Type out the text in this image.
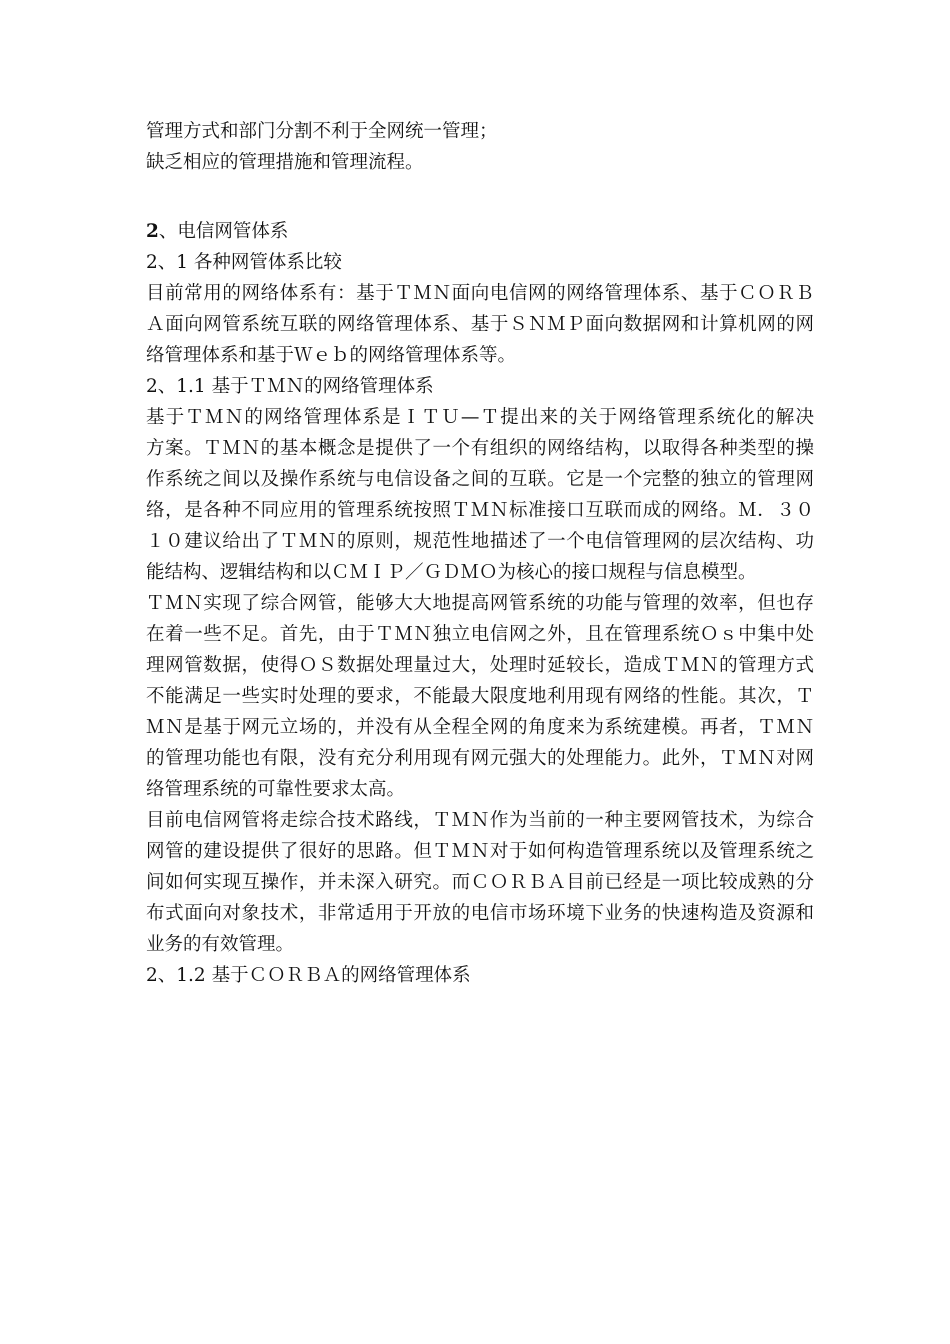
管理方式和部门分割不利于全网统一管理；
缺乏相应的管理措施和管理流程。
2、电信网管体系
2、1 各种网管体系比较
目前常用的网络体系有：基于ＴＭＮ面向电信网的网络管理体系、基于ＣＯＲＢ
Ａ面向网管系统互联的网络管理体系、基于ＳＮＭＰ面向数据网和计算机网的网
络管理体系和基于Ｗｅｂ的网络管理体系等。
2、1.1 基于ＴＭＮ的网络管理体系
基于ＴＭＮ的网络管理体系是ＩＴＵ—Ｔ提出来的关于网络管理系统化的解决
方案。ＴＭＮ的基本概念是提供了一个有组织的网络结构，以取得各种类型的操
作系统之间以及操作系统与电信设备之间的互联。它是一个完整的独立的管理网
络，是各种不同应用的管理系统按照ＴＭＮ标准接口互联而成的网络。Ｍ．３０
１０建议给出了ＴＭＮ的原则，规范性地描述了一个电信管理网的层次结构、功
能结构、逻辑结构和以ＣＭＩＰ／ＧＤＭＯ为核心的接口规程与信息模型。
ＴＭＮ实现了综合网管，能够大大地提高网管系统的功能与管理的效率，但也存
在着一些不足。首先，由于ＴＭＮ独立电信网之外，且在管理系统Ｏｓ中集中处
理网管数据，使得ＯＳ数据处理量过大，处理时延较长，造成ＴＭＮ的管理方式
不能满足一些实时处理的要求，不能最大限度地利用现有网络的性能。其次，Ｔ
ＭＮ是基于网元立场的，并没有从全程全网的角度来为系统建模。再者，ＴＭＮ
的管理功能也有限，没有充分利用现有网元强大的处理能力。此外，ＴＭＮ对网
络管理系统的可靠性要求太高。
目前电信网管将走综合技术路线，ＴＭＮ作为当前的一种主要网管技术，为综合
网管的建设提供了很好的思路。但ＴＭＮ对于如何构造管理系统以及管理系统之
间如何实现互操作，并未深入研究。而ＣＯＲＢＡ目前已经是一项比较成熟的分
布式面向对象技术，非常适用于开放的电信市场环境下业务的快速构造及资源和
业务的有效管理。
2、1.2 基于ＣＯＲＢＡ的网络管理体系
